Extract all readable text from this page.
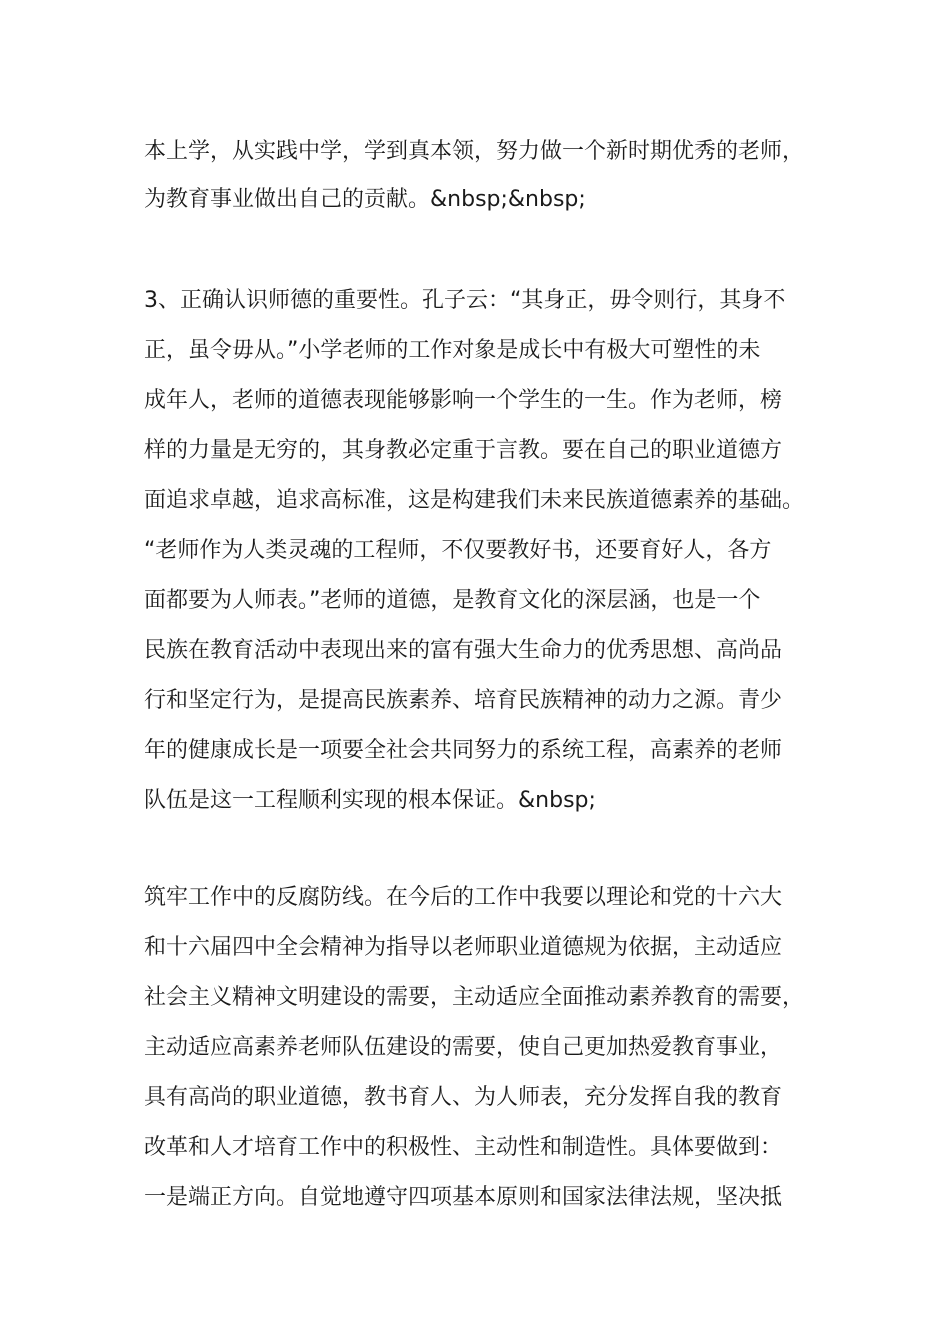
本上学，从实践中学，学到真本领，努力做一个新时期优秀的老师，
为教育事业做出自己的贡献。&nbsp;&nbsp;
3、正确认识师德的重要性。孔子云：“其身正，毋令则行，其身不
正，虽令毋从。”小学老师的工作对象是成长中有极大可塑性的未
成年人，老师的道德表现能够影响一个学生的一生。作为老师，榜
样的力量是无穷的，其身教必定重于言教。要在自己的职业道德方
面追求卓越，追求高标准，这是构建我们未来民族道德素养的基础。
“老师作为人类灵魂的工程师，不仅要教好书，还要育好人，各方
面都要为人师表。”老师的道德，是教育文化的深层涵，也是一个
民族在教育活动中表现出来的富有强大生命力的优秀思想、高尚品
行和坚定行为，是提高民族素养、培育民族精神的动力之源。青少
年的健康成长是一项要全社会共同努力的系统工程，高素养的老师
队伍是这一工程顺利实现的根本保证。&nbsp;
筑牢工作中的反腐防线。在今后的工作中我要以理论和党的十六大
和十六届四中全会精神为指导以老师职业道德规为依据，主动适应
社会主义精神文明建设的需要，主动适应全面推动素养教育的需要，
主动适应高素养老师队伍建设的需要，使自己更加热爱教育事业，
具有高尚的职业道德，教书育人、为人师表，充分发挥自我的教育
改革和人才培育工作中的积极性、主动性和制造性。具体要做到：
一是端正方向。自觉地遵守四项基本原则和国家法律法规，坚决抵
